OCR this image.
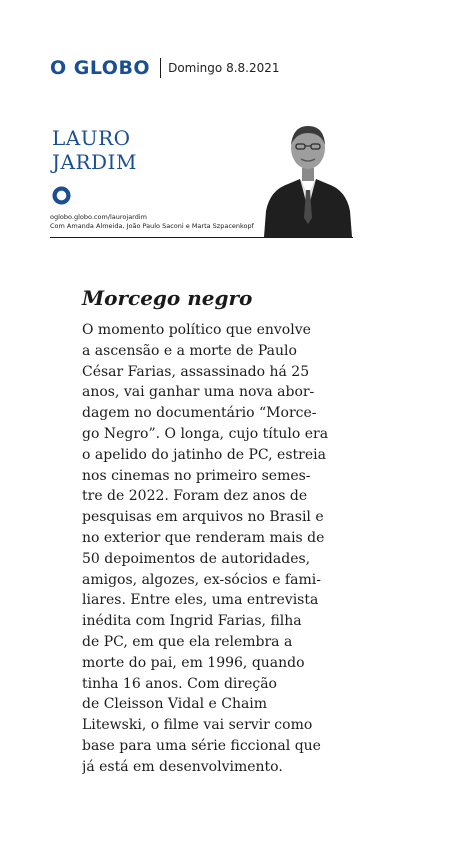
O GLOBO Domingo 8.8.2021
LAURO
JARDIM
oglobo.globo.com/laurojardim
Com Amanda Almeida, João Paulo Saconi e Marta Szpacenkopf
Morcego negro
O momento político que envolve
a ascensão e a morte de Paulo
César Farias, assassinado há 25
anos, vai ganhar uma nova abor-
dagem no documentário “Morce-
go Negro”. O longa, cujo título era
o apelido do jatinho de PC, estreia
nos cinemas no primeiro semes-
tre de 2022. Foram dez anos de
pesquisas em arquivos no Brasil e
no exterior que renderam mais de
50 depoimentos de autoridades,
amigos, algozes, ex-sócios e fami-
liares. Entre eles, uma entrevista
inédita com Ingrid Farias, filha
de PC, em que ela relembra a
morte do pai, em 1996, quando
tinha 16 anos. Com direção
de Cleisson Vidal e Chaim
Litewski, o filme vai servir como
base para uma série ficcional que
já está em desenvolvimento.
